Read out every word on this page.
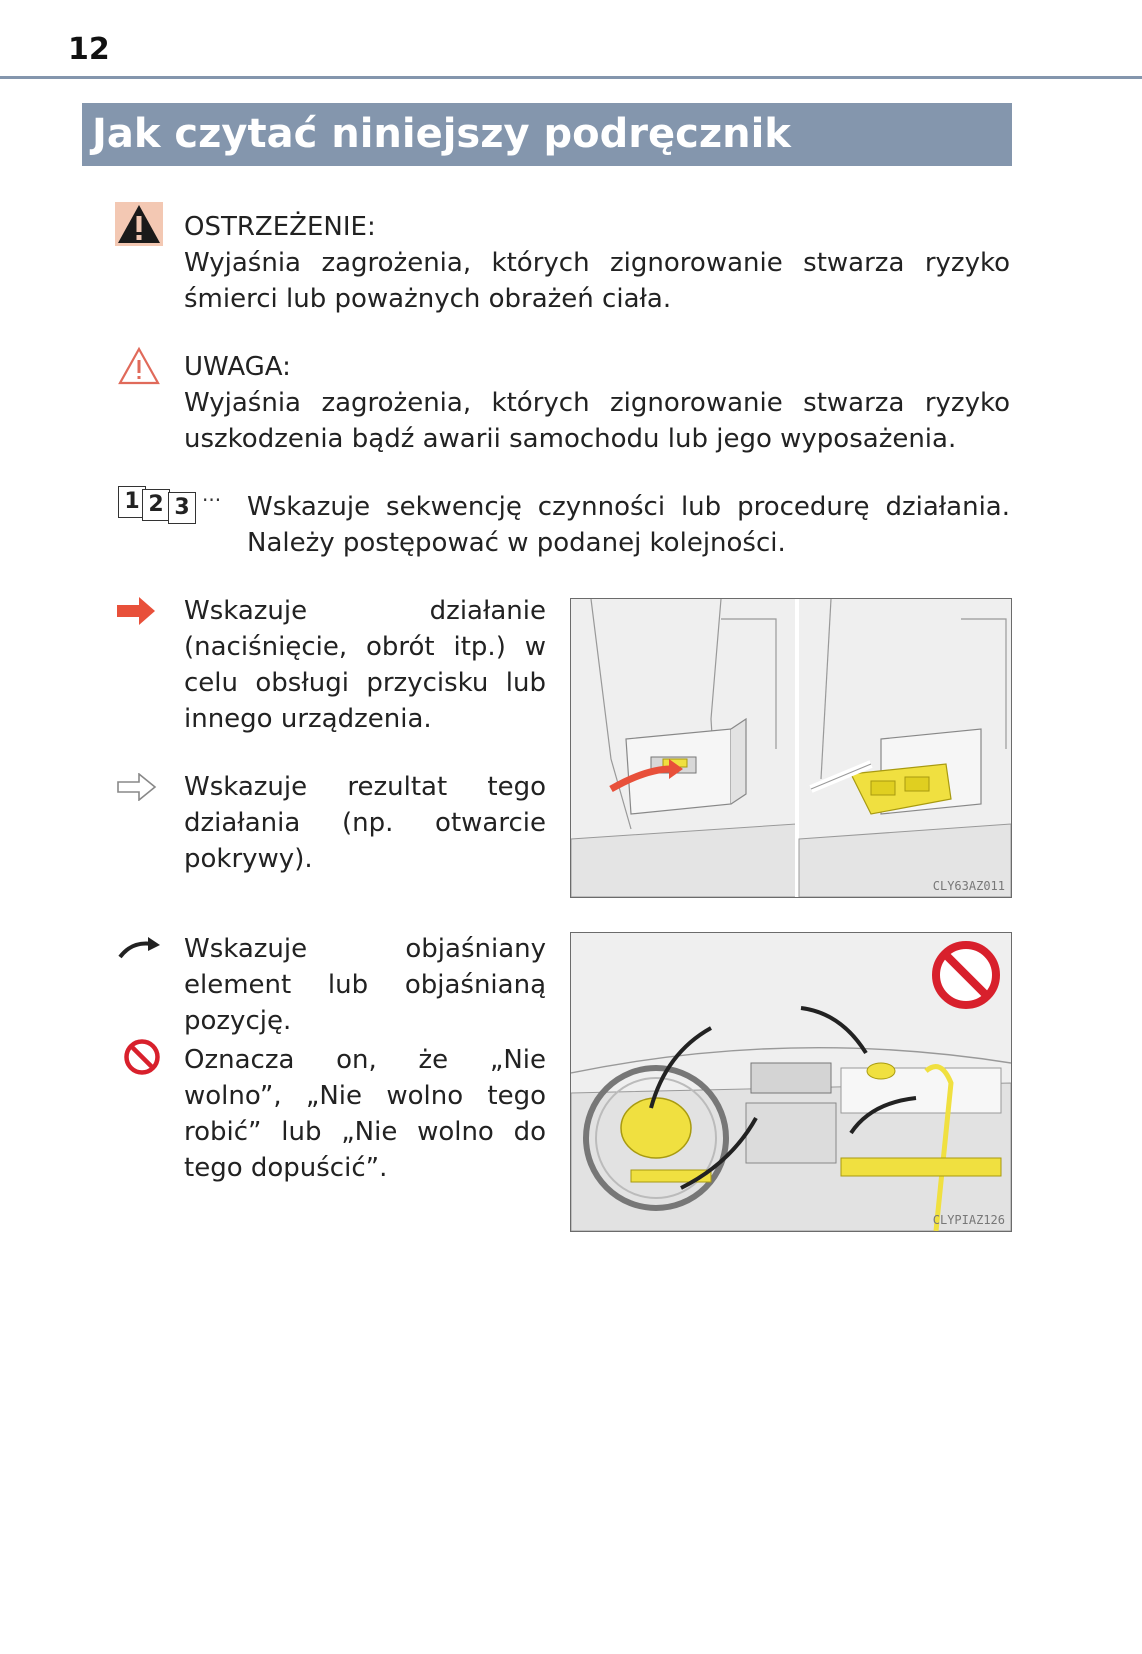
12
Jak czytać niniejszy podręcznik
OSTRZEŻENIE:
Wyjaśnia zagrożenia, których zignorowanie stwarza ryzyko śmierci lub poważnych obrażeń ciała.
UWAGA:
Wyjaśnia zagrożenia, których zignorowanie stwarza ryzyko uszkodzenia bądź awarii samochodu lub jego wyposażenia.
1 2 3 ··· Wskazuje sekwencję czynności lub procedurę działania. Należy postępować w podanej kolejności.
Wskazuje działanie (naciśnięcie, obrót itp.) w celu obsługi przycisku lub innego urządzenia.
Wskazuje rezultat tego działania (np. otwarcie pokrywy).
CLY63AZ011
Wskazuje objaśniany element lub objaśnianą pozycję.
Oznacza on, że „Nie wolno”, „Nie wolno tego robić” lub „Nie wolno do tego dopuścić”.
CLYPIAZ126
